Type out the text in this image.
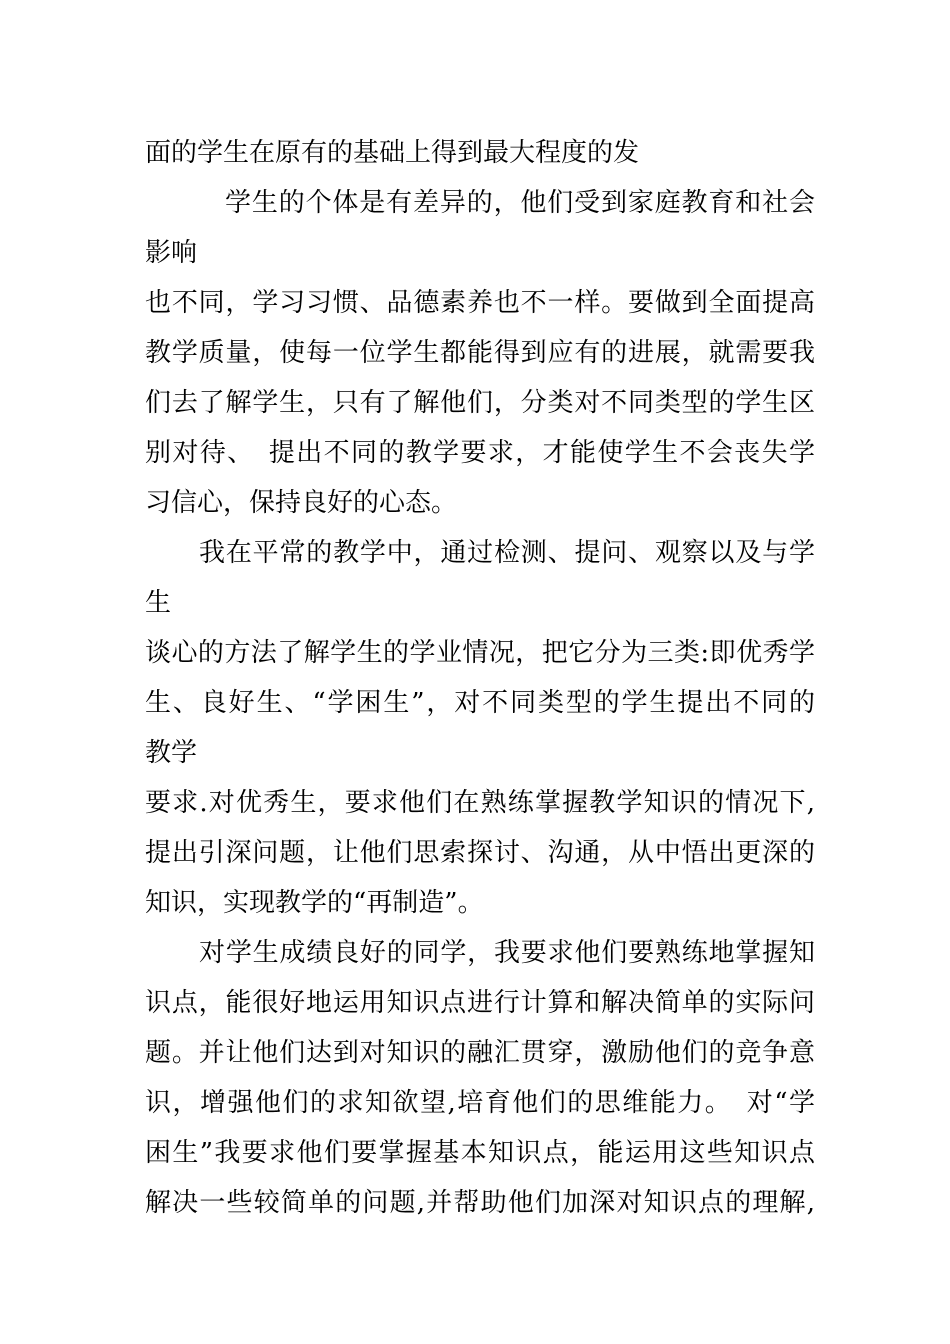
面的学生在原有的基础上得到最大程度的发
学生的个体是有差异的，他们受到家庭教育和社会
影响
也不同，学习习惯、品德素养也不一样。要做到全面提高
教学质量，使每一位学生都能得到应有的进展，就需要我
们去了解学生，只有了解他们，分类对不同类型的学生区
别对待、　提出不同的教学要求，才能使学生不会丧失学
习信心，保持良好的心态。
我在平常的教学中，通过检测、提问、观察以及与学
生
谈心的方法了解学生的学业情况，把它分为三类:即优秀学
生、良好生、“学困生”，对不同类型的学生提出不同的
教学
要求.对优秀生，要求他们在熟练掌握教学知识的情况下,
提出引深问题，让他们思索探讨、沟通，从中悟出更深的
知识，实现教学的“再制造”。
对学生成绩良好的同学，我要求他们要熟练地掌握知
识点，能很好地运用知识点进行计算和解决简单的实际问
题。并让他们达到对知识的融汇贯穿，激励他们的竞争意
识，增强他们的求知欲望,培育他们的思维能力。　对“学
困生”我要求他们要掌握基本知识点，能运用这些知识点
解决一些较简单的问题,并帮助他们加深对知识点的理解,
